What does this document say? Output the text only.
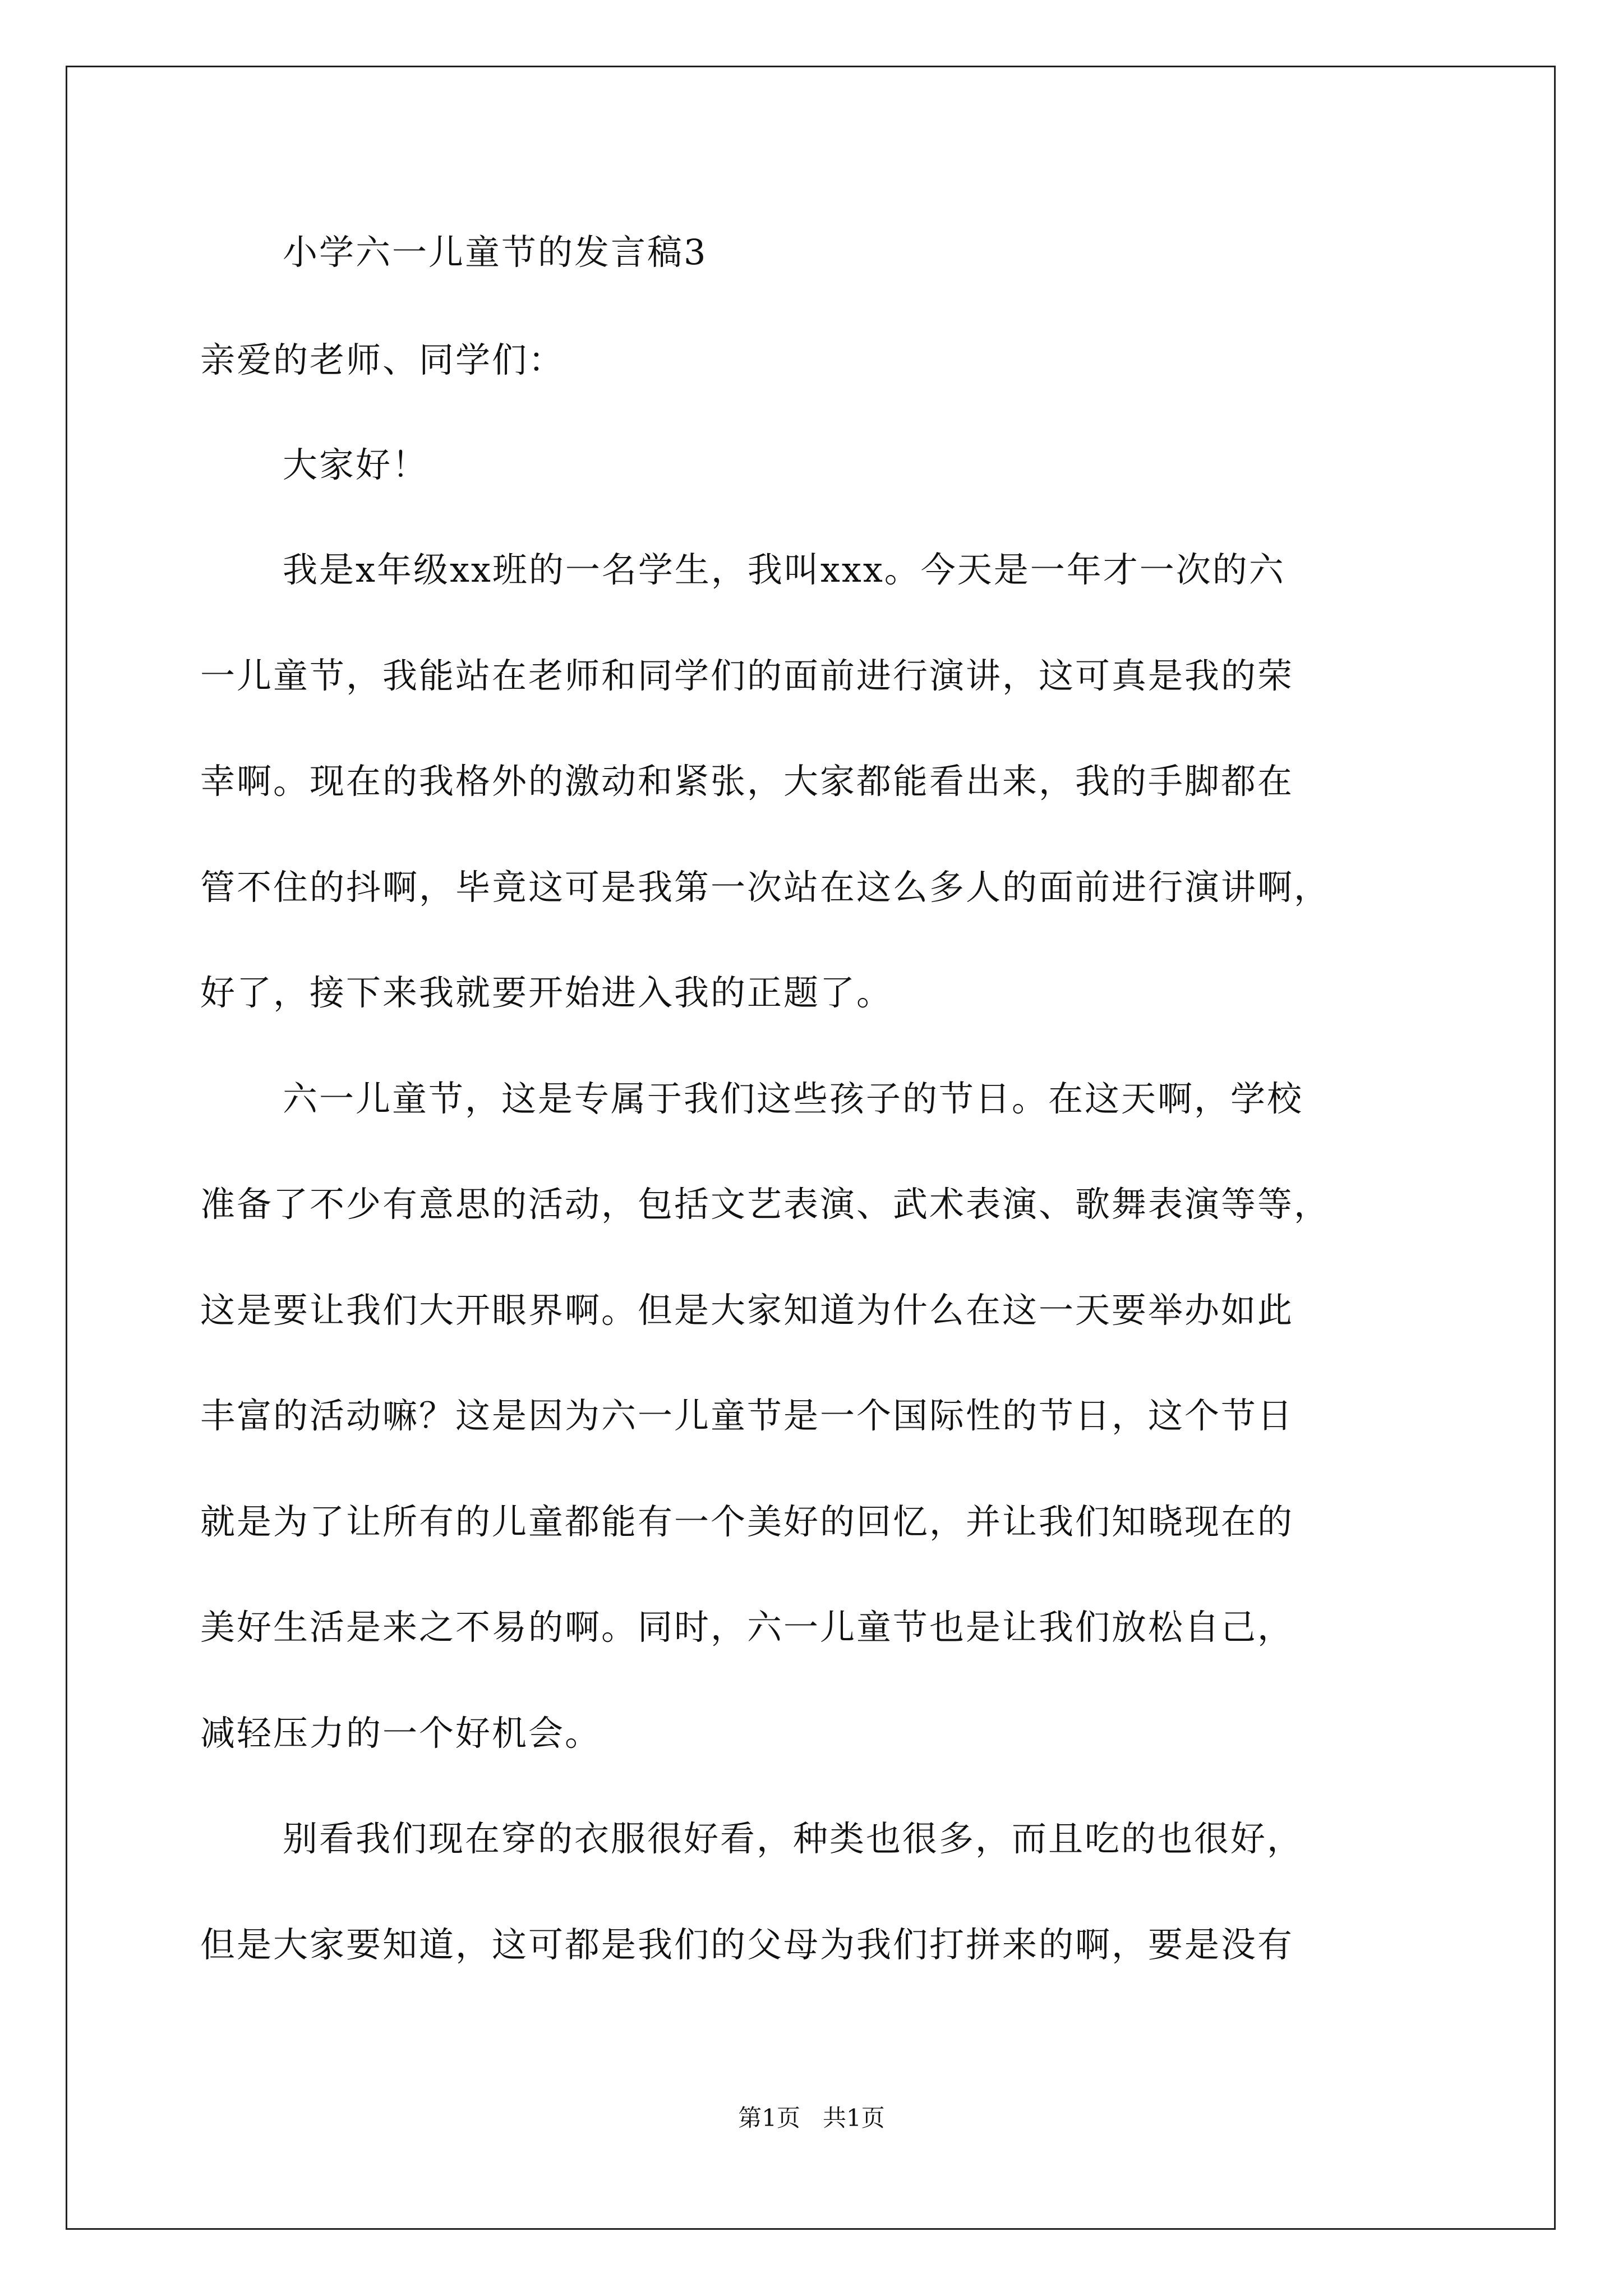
小学六一儿童节的发言稿3
亲爱的老师、同学们：
大家好！
我是x年级xx班的一名学生，我叫xxx。今天是一年才一次的六
一儿童节，我能站在老师和同学们的面前进行演讲，这可真是我的荣
幸啊。现在的我格外的激动和紧张，大家都能看出来，我的手脚都在
管不住的抖啊，毕竟这可是我第一次站在这么多人的面前进行演讲啊，
好了，接下来我就要开始进入我的正题了。
六一儿童节，这是专属于我们这些孩子的节日。在这天啊，学校
准备了不少有意思的活动，包括文艺表演、武术表演、歌舞表演等等，
这是要让我们大开眼界啊。但是大家知道为什么在这一天要举办如此
丰富的活动嘛？这是因为六一儿童节是一个国际性的节日，这个节日
就是为了让所有的儿童都能有一个美好的回忆，并让我们知晓现在的
美好生活是来之不易的啊。同时，六一儿童节也是让我们放松自己，
减轻压力的一个好机会。
别看我们现在穿的衣服很好看，种类也很多，而且吃的也很好，
但是大家要知道，这可都是我们的父母为我们打拼来的啊，要是没有
第1页 共1页
